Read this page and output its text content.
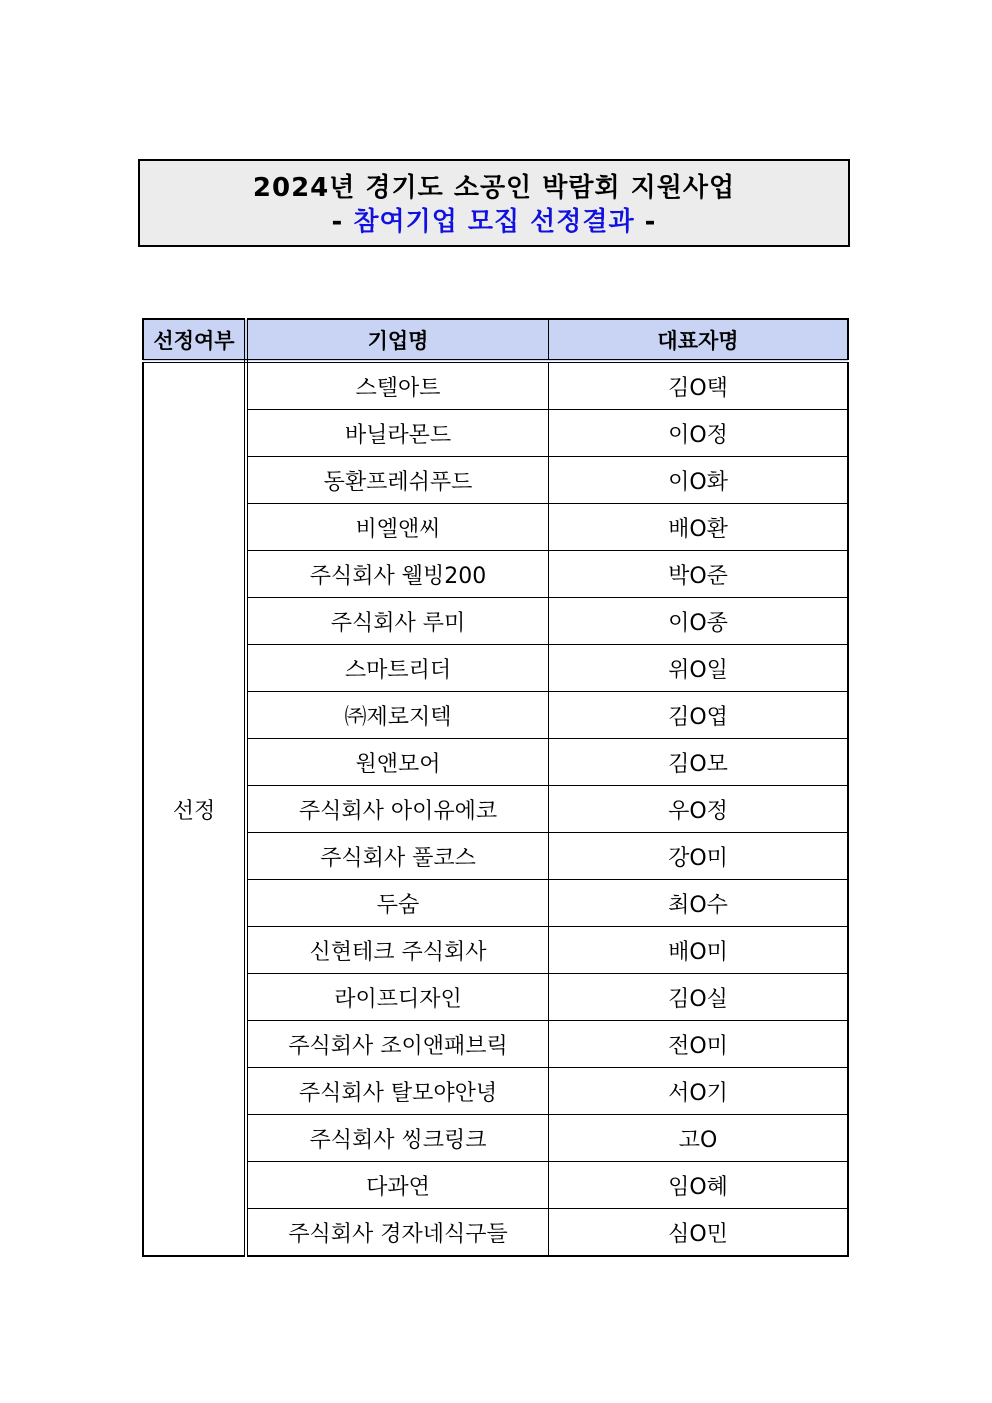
2024년 경기도 소공인 박람회 지원사업
- 참여기업 모집 선정결과 -
선정여부	기업명	대표자명
선정	스텔아트	김O택
	바닐라몬드	이O정
	동환프레쉬푸드	이O화
	비엘앤씨	배O환
	주식회사 웰빙200	박O준
	주식회사 루미	이O종
	스마트리더	위O일
	㈜제로지텍	김O엽
	원앤모어	김O모
	주식회사 아이유에코	우O정
	주식회사 풀코스	강O미
	두숨	최O수
	신현테크 주식회사	배O미
	라이프디자인	김O실
	주식회사 조이앤패브릭	전O미
	주식회사 탈모야안녕	서O기
	주식회사 씽크링크	고O
	다과연	임O혜
	주식회사 경자네식구들	심O민
